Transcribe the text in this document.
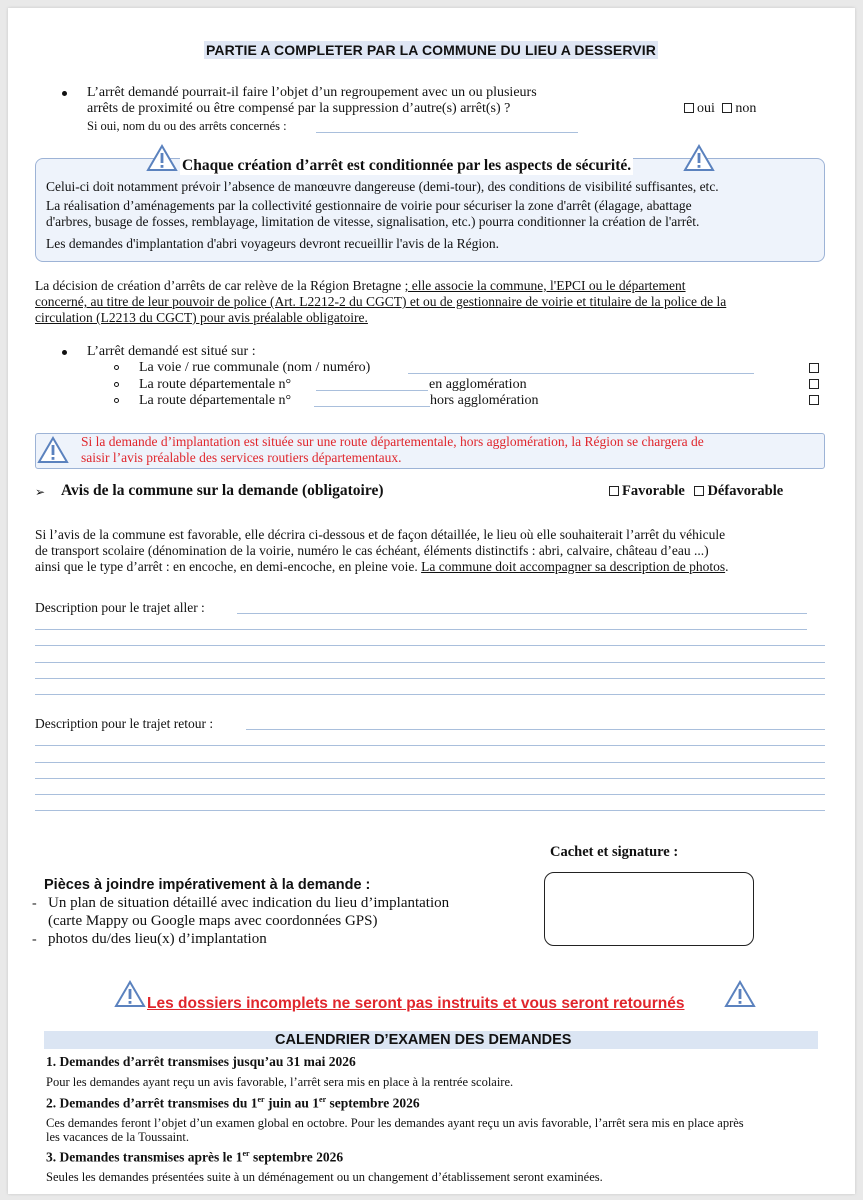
PARTIE A COMPLETER PAR LA COMMUNE DU LIEU A DESSERVIR
L’arrêt demandé pourrait-il faire l’objet d’un regroupement avec un ou plusieurs
arrêts de proximité ou être compensé par la suppression d’autre(s) arrêt(s) ?	oui non
Si oui, nom du ou des arrêts concernés :
Chaque création d’arrêt est conditionnée par les aspects de sécurité.
Celui-ci doit notamment prévoir l’absence de manœuvre dangereuse (demi-tour), des conditions de visibilité suffisantes, etc.
La réalisation d’aménagements par la collectivité gestionnaire de voirie pour sécuriser la zone d'arrêt (élagage, abattage
d'arbres, busage de fosses, remblayage, limitation de vitesse, signalisation, etc.) pourra conditionner la création de l'arrêt.
Les demandes d'implantation d'abri voyageurs devront recueillir l'avis de la Région.
La décision de création d’arrêts de car relève de la Région Bretagne ; elle associe la commune, l'EPCI ou le département
concerné, au titre de leur pouvoir de police (Art. L2212-2 du CGCT) et ou de gestionnaire de voirie et titulaire de la police de la
circulation (L2213 du CGCT) pour avis préalable obligatoire.
L’arrêt demandé est situé sur :
La voie / rue communale (nom / numéro)
La route départementale n°	en agglomération
La route départementale n°	hors agglomération
Si la demande d’implantation est située sur une route départementale, hors agglomération, la Région se chargera de
saisir l’avis préalable des services routiers départementaux.
➢ Avis de la commune sur la demande (obligatoire)	Favorable Défavorable
Si l’avis de la commune est favorable, elle décrira ci-dessous et de façon détaillée, le lieu où elle souhaiterait l’arrêt du véhicule
de transport scolaire (dénomination de la voirie, numéro le cas échéant, éléments distinctifs : abri, calvaire, château d’eau ...)
ainsi que le type d’arrêt : en encoche, en demi-encoche, en pleine voie. La commune doit accompagner sa description de photos.
Description pour le trajet aller :
Description pour le trajet retour :
Cachet et signature :
Pièces à joindre impérativement à la demande :
- Un plan de situation détaillé avec indication du lieu d’implantation
(carte Mappy ou Google maps avec coordonnées GPS)
- photos du/des lieu(x) d’implantation
Les dossiers incomplets ne seront pas instruits et vous seront retournés
CALENDRIER D’EXAMEN DES DEMANDES
1. Demandes d’arrêt transmises jusqu’au 31 mai 2026
Pour les demandes ayant reçu un avis favorable, l’arrêt sera mis en place à la rentrée scolaire.
2. Demandes d’arrêt transmises du 1er juin au 1er septembre 2026
Ces demandes feront l’objet d’un examen global en octobre. Pour les demandes ayant reçu un avis favorable, l’arrêt sera mis en place après
les vacances de la Toussaint.
3. Demandes transmises après le 1er septembre 2026
Seules les demandes présentées suite à un déménagement ou un changement d’établissement seront examinées.
